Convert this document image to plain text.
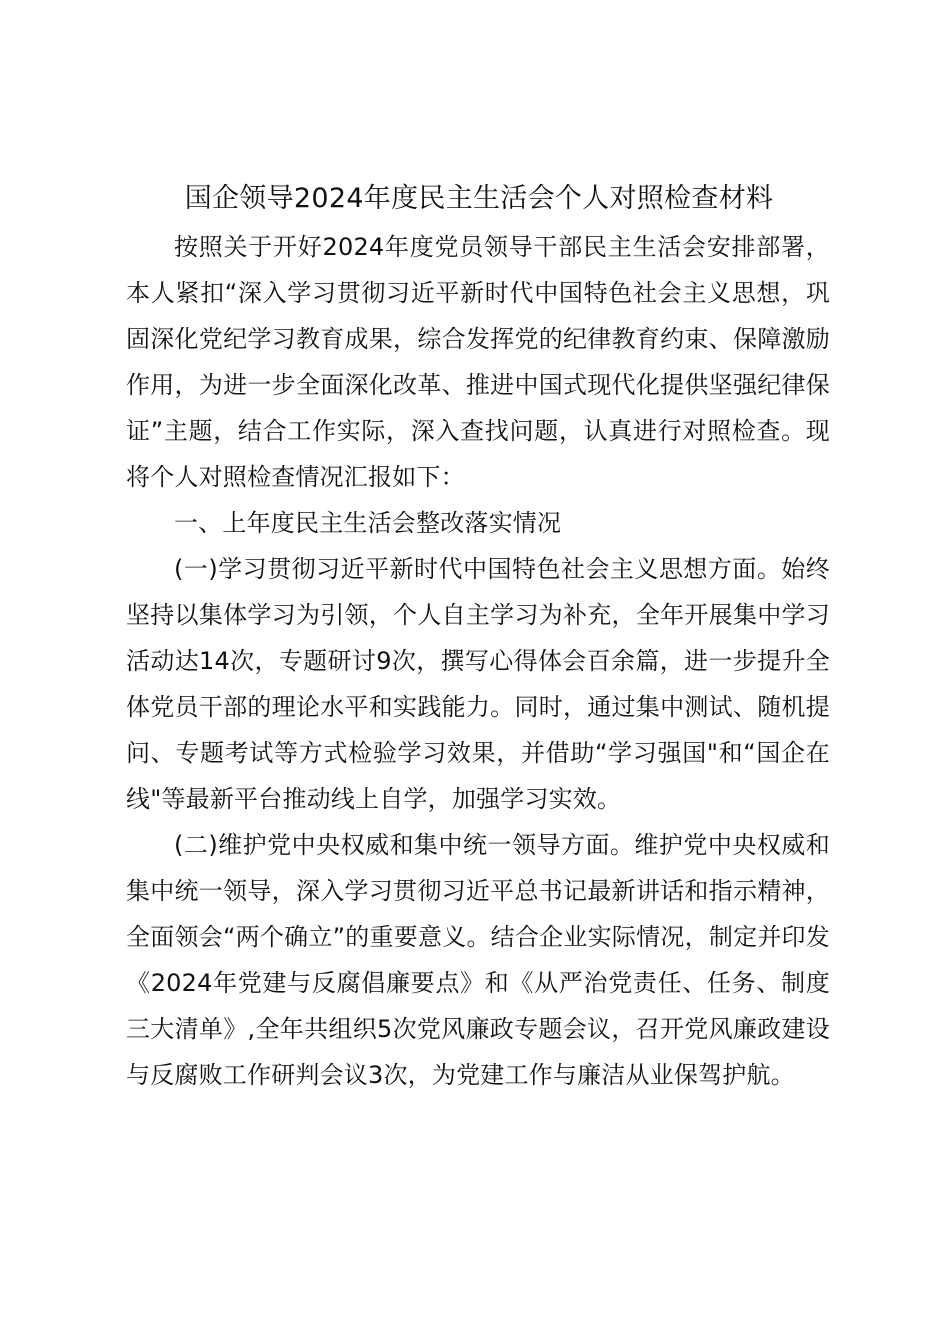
国企领导2024年度民主生活会个人对照检查材料

按照关于开好2024年度党员领导干部民主生活会安排部署，本人紧扣“深入学习贯彻习近平新时代中国特色社会主义思想，巩固深化党纪学习教育成果，综合发挥党的纪律教育约束、保障激励作用，为进一步全面深化改革、推进中国式现代化提供坚强纪律保证”主题，结合工作实际，深入查找问题，认真进行对照检查。现将个人对照检查情况汇报如下：

一、上年度民主生活会整改落实情况

(一)学习贯彻习近平新时代中国特色社会主义思想方面。始终坚持以集体学习为引领，个人自主学习为补充，全年开展集中学习活动达14次，专题研讨9次，撰写心得体会百余篇，进一步提升全体党员干部的理论水平和实践能力。同时，通过集中测试、随机提问、专题考试等方式检验学习效果，并借助“学习强国"和“国企在线"等最新平台推动线上自学，加强学习实效。

(二)维护党中央权威和集中统一领导方面。维护党中央权威和集中统一领导，深入学习贯彻习近平总书记最新讲话和指示精神，全面领会“两个确立”的重要意义。结合企业实际情况，制定并印发《2024年党建与反腐倡廉要点》和《从严治党责任、任务、制度三大清单》,全年共组织5次党风廉政专题会议，召开党风廉政建设与反腐败工作研判会议3次，为党建工作与廉洁从业保驾护航。
